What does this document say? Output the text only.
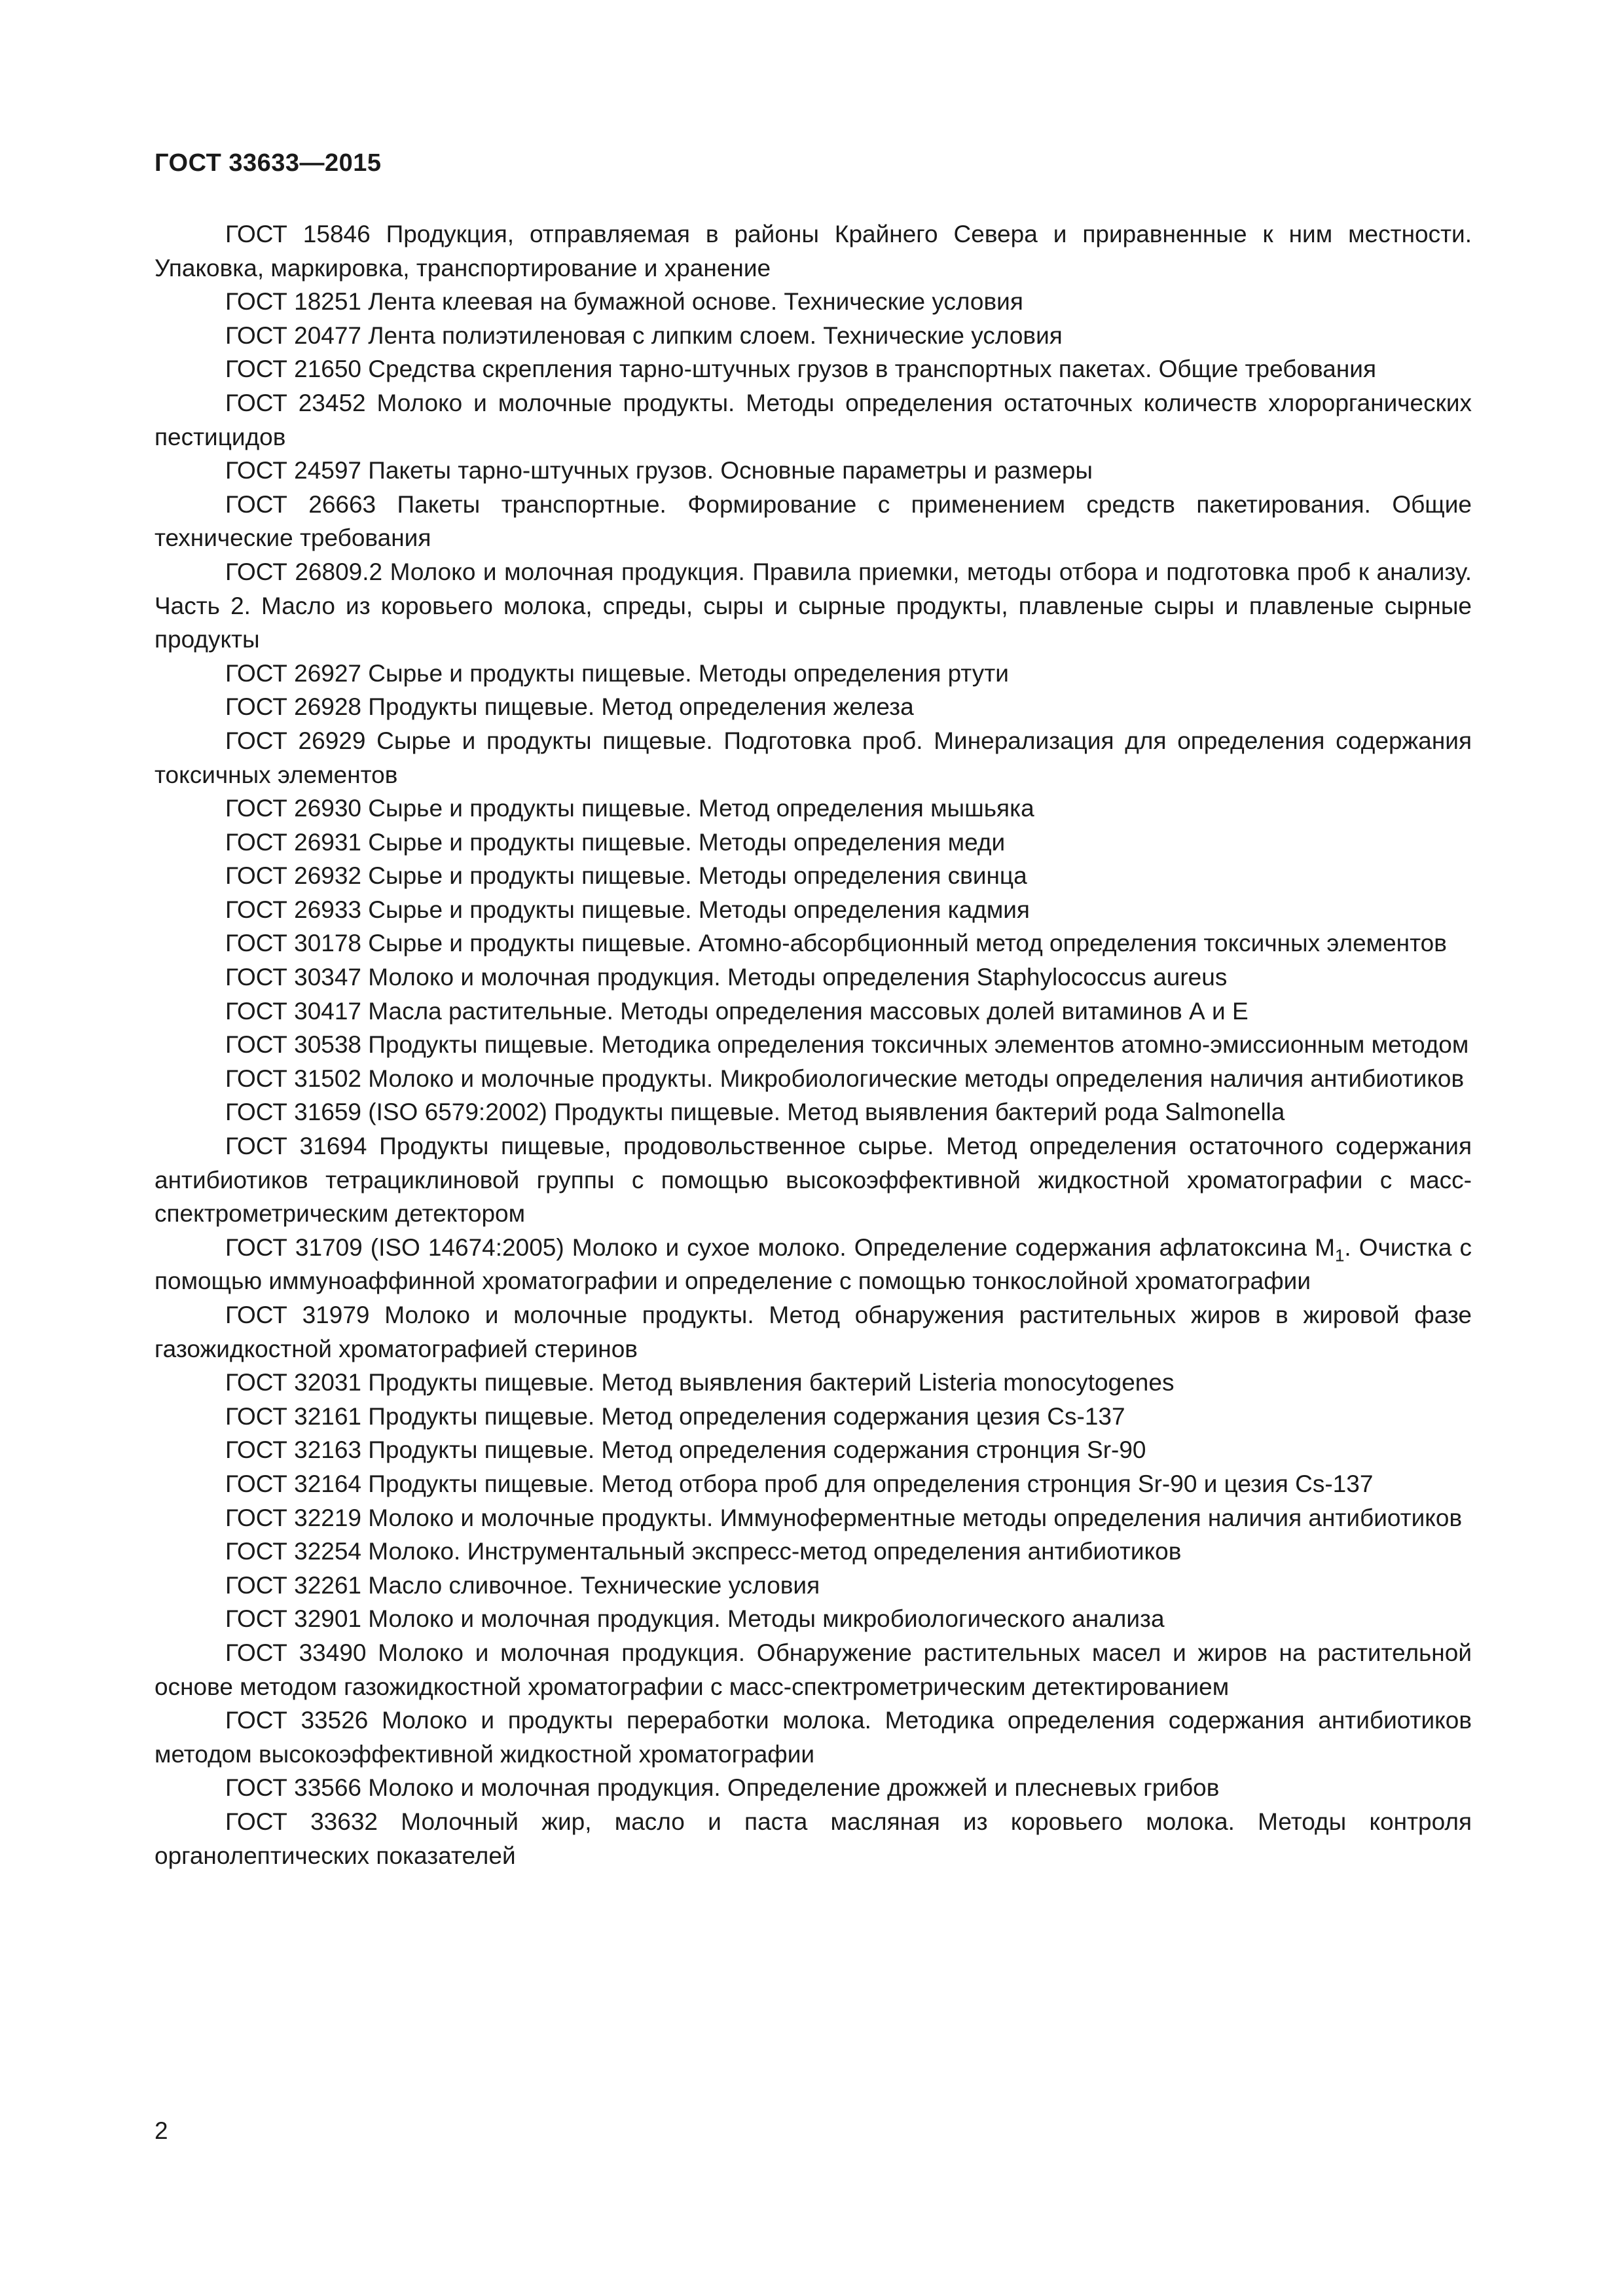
ГОСТ 33633—2015

ГОСТ 15846 Продукция, отправляемая в районы Крайнего Севера и приравненные к ним местности. Упаковка, маркировка, транспортирование и хранение

ГОСТ 18251 Лента клеевая на бумажной основе. Технические условия

ГОСТ 20477 Лента полиэтиленовая с липким слоем. Технические условия

ГОСТ 21650 Средства скрепления тарно-штучных грузов в транспортных пакетах. Общие требования

ГОСТ 23452 Молоко и молочные продукты. Методы определения остаточных количеств хлорорганических пестицидов

ГОСТ 24597 Пакеты тарно-штучных грузов. Основные параметры и размеры

ГОСТ 26663 Пакеты транспортные. Формирование с применением средств пакетирования. Общие технические требования

ГОСТ 26809.2 Молоко и молочная продукция. Правила приемки, методы отбора и подготовка проб к анализу. Часть 2. Масло из коровьего молока, спреды, сыры и сырные продукты, плавленые сыры и плавленые сырные продукты

ГОСТ 26927 Сырье и продукты пищевые. Методы определения ртути

ГОСТ 26928 Продукты пищевые. Метод определения железа

ГОСТ 26929 Сырье и продукты пищевые. Подготовка проб. Минерализация для определения содержания токсичных элементов

ГОСТ 26930 Сырье и продукты пищевые. Метод определения мышьяка

ГОСТ 26931 Сырье и продукты пищевые. Методы определения меди

ГОСТ 26932 Сырье и продукты пищевые. Методы определения свинца

ГОСТ 26933 Сырье и продукты пищевые. Методы определения кадмия

ГОСТ 30178 Сырье и продукты пищевые. Атомно-абсорбционный метод определения токсичных элементов

ГОСТ 30347 Молоко и молочная продукция. Методы определения Staphylococcus aureus

ГОСТ 30417 Масла растительные. Методы определения массовых долей витаминов А и Е

ГОСТ 30538 Продукты пищевые. Методика определения токсичных элементов атомно-эмиссионным методом

ГОСТ 31502 Молоко и молочные продукты. Микробиологические методы определения наличия антибиотиков

ГОСТ 31659 (ISO 6579:2002) Продукты пищевые. Метод выявления бактерий рода Salmonella

ГОСТ 31694 Продукты пищевые, продовольственное сырье. Метод определения остаточного содержания антибиотиков тетрациклиновой группы с помощью высокоэффективной жидкостной хроматографии с масс-спектрометрическим детектором

ГОСТ 31709 (ISO 14674:2005) Молоко и сухое молоко. Определение содержания афлатоксина $M_1$. Очистка с помощью иммуноаффинной хроматографии и определение с помощью тонкослойной хроматографии

ГОСТ 31979 Молоко и молочные продукты. Метод обнаружения растительных жиров в жировой фазе газожидкостной хроматографией стеринов

ГОСТ 32031 Продукты пищевые. Метод выявления бактерий Listeria monocytogenes

ГОСТ 32161 Продукты пищевые. Метод определения содержания цезия Cs-137

ГОСТ 32163 Продукты пищевые. Метод определения содержания стронция Sr-90

ГОСТ 32164 Продукты пищевые. Метод отбора проб для определения стронция Sr-90 и цезия Cs-137

ГОСТ 32219 Молоко и молочные продукты. Иммуноферментные методы определения наличия антибиотиков

ГОСТ 32254 Молоко. Инструментальный экспресс-метод определения антибиотиков

ГОСТ 32261 Масло сливочное. Технические условия

ГОСТ 32901 Молоко и молочная продукция. Методы микробиологического анализа

ГОСТ 33490 Молоко и молочная продукция. Обнаружение растительных масел и жиров на растительной основе методом газожидкостной хроматографии с масс-спектрометрическим детектированием

ГОСТ 33526 Молоко и продукты переработки молока. Методика определения содержания антибиотиков методом высокоэффективной жидкостной хроматографии

ГОСТ 33566 Молоко и молочная продукция. Определение дрожжей и плесневых грибов

ГОСТ 33632 Молочный жир, масло и паста масляная из коровьего молока. Методы контроля органолептических показателей

2
